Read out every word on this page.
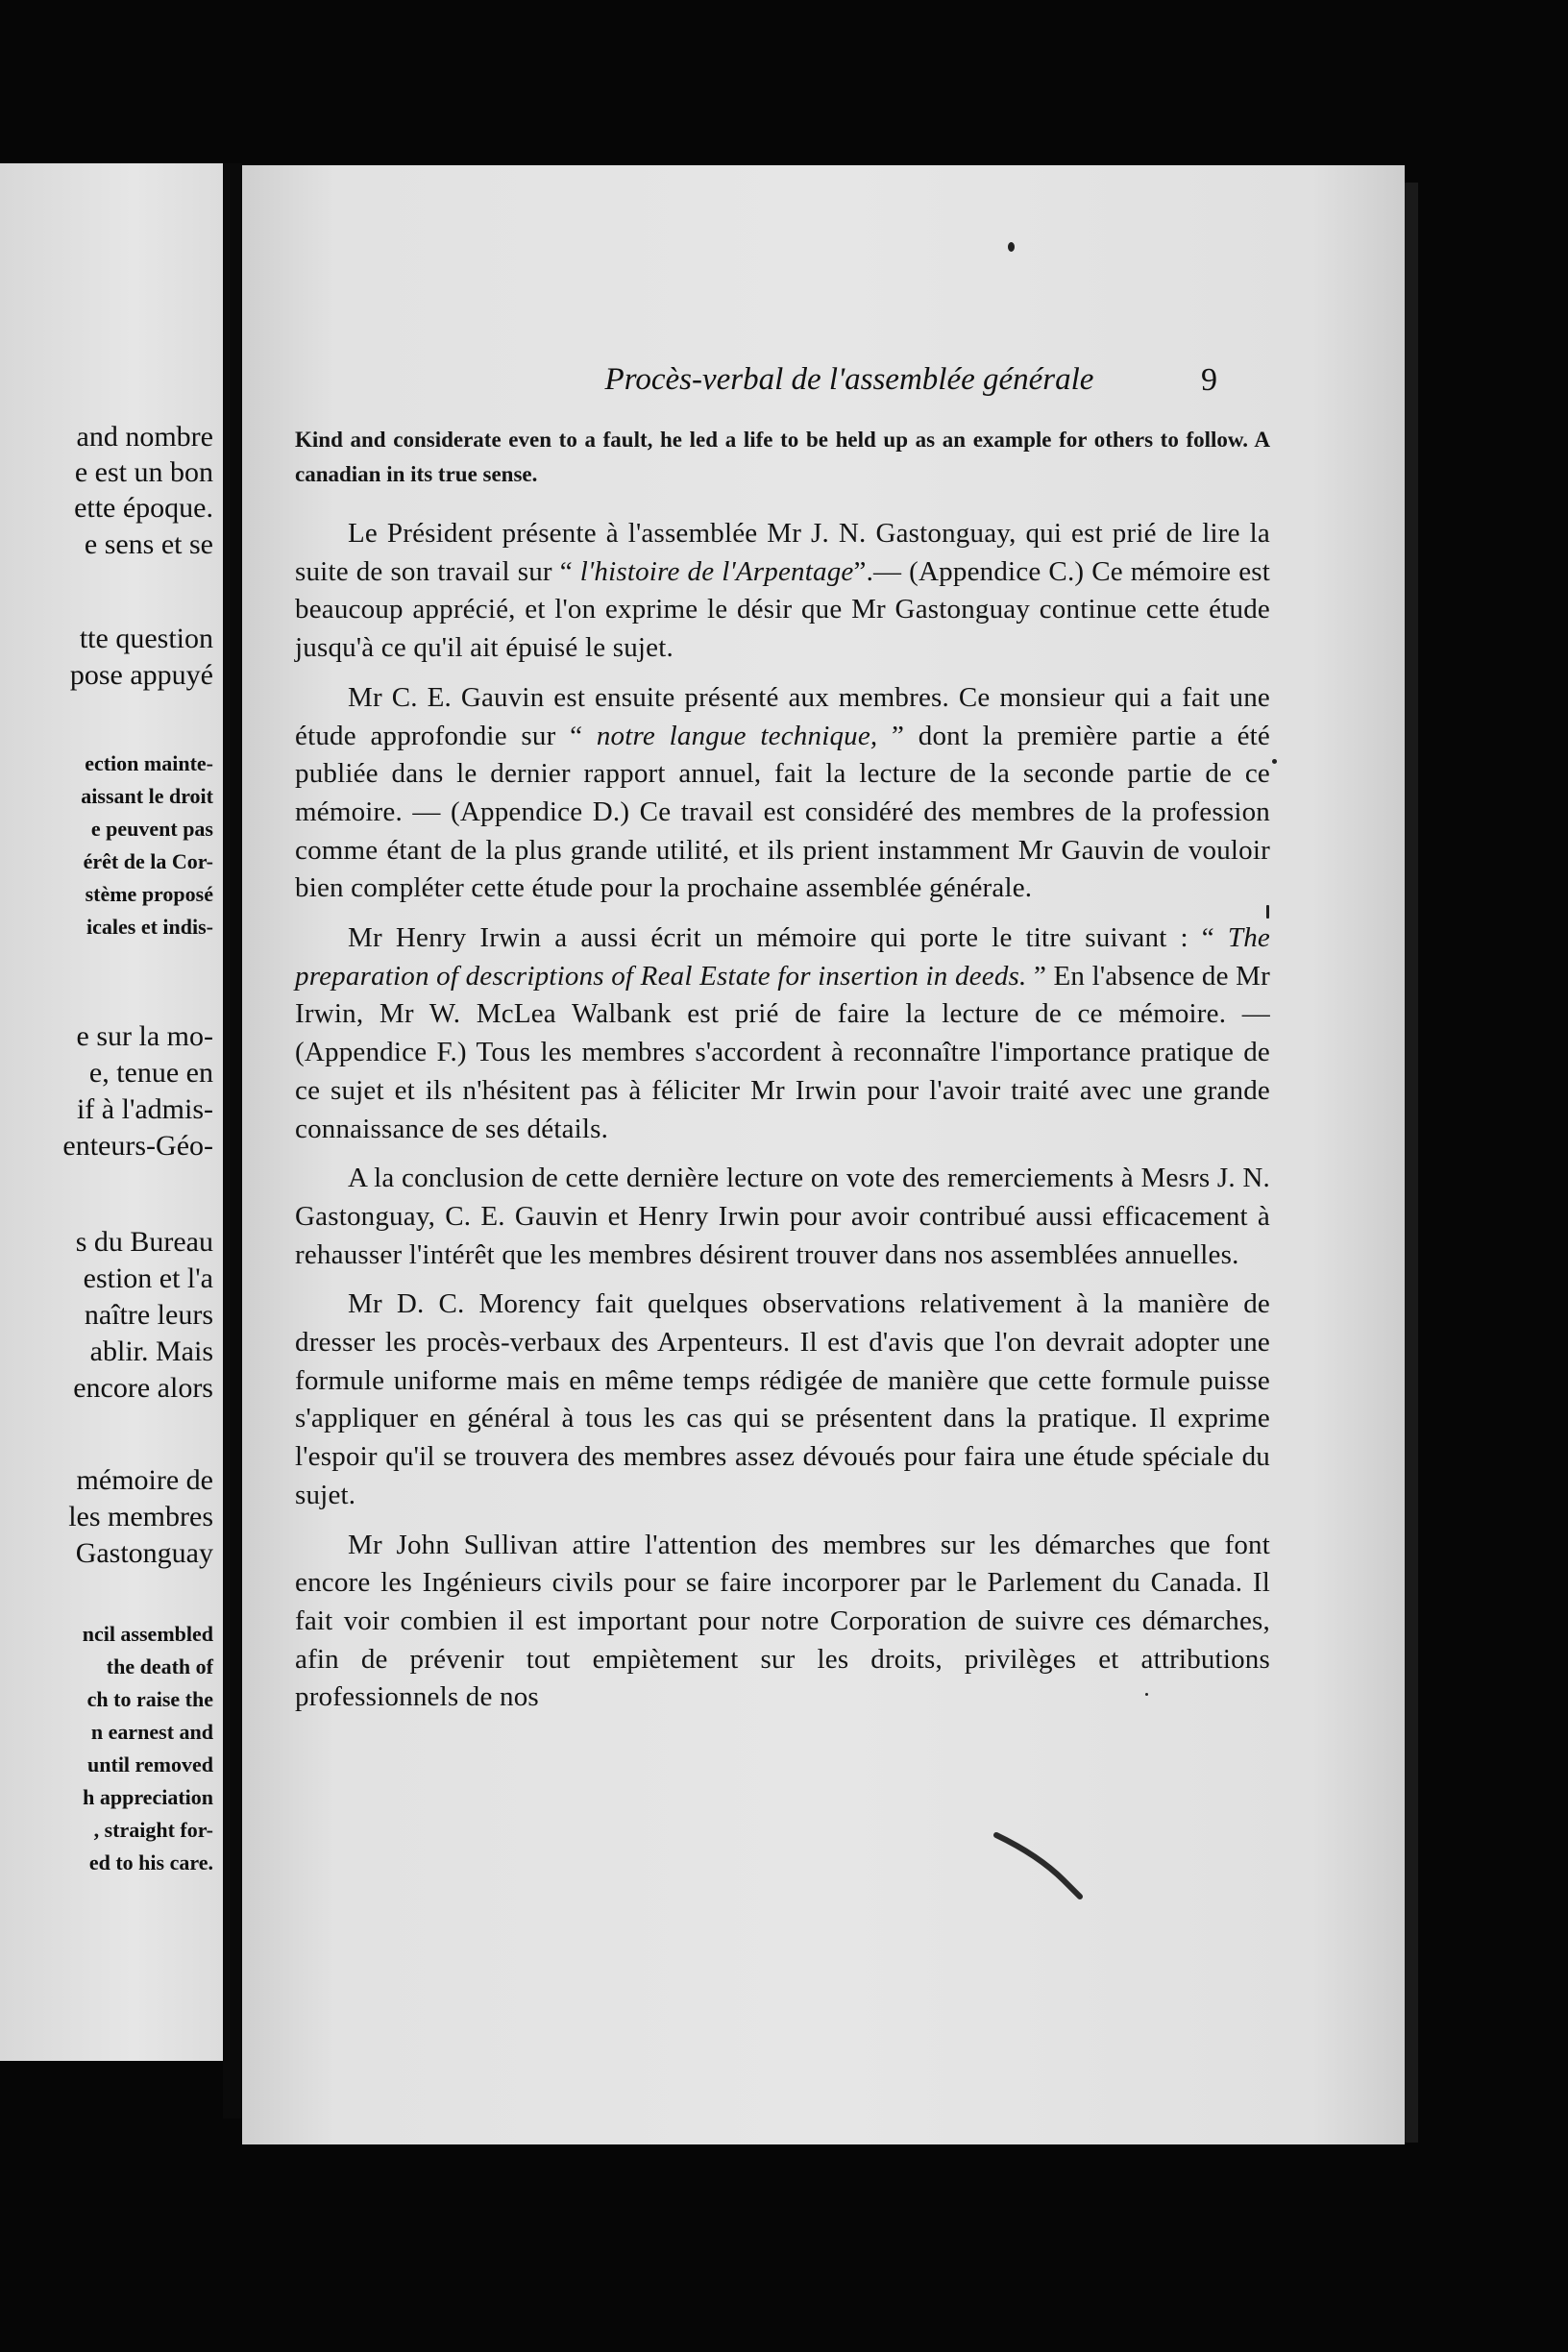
and nombre
e est un bon
ette époque.
e sens et se
tte question
pose appuyé
ection mainte-
aissant le droit
e peuvent pas
érêt de la Cor-
stème proposé
icales et indis-
e sur la mo-
e, tenue en
if à l'admis-
enteurs-Géo-
s du Bureau
estion et l'a
naître leurs
ablir. Mais
encore alors
mémoire de
les membres
Gastonguay
ncil assembled
the death of
ch to raise the
n earnest and
until removed
h appreciation
, straight for-
ed to his care.
Procès-verbal de l'assemblée générale	9

Kind and considerate even to a fault, he led a life to be held up as an example for others to follow. A canadian in its true sense.

Le Président présente à l'assemblée Mr J. N. Gastonguay, qui est prié de lire la suite de son travail sur “ l'histoire de l'Arpentage”.— (Appendice C.) Ce mémoire est beaucoup apprécié, et l'on exprime le désir que Mr Gastonguay continue cette étude jusqu'à ce qu'il ait épuisé le sujet.

Mr C. E. Gauvin est ensuite présenté aux membres. Ce monsieur qui a fait une étude approfondie sur “ notre langue technique, ” dont la première partie a été publiée dans le dernier rapport annuel, fait la lecture de la seconde partie de ce mémoire. — (Appendice D.) Ce travail est considéré des membres de la profession comme étant de la plus grande utilité, et ils prient instamment Mr Gauvin de vouloir bien compléter cette étude pour la prochaine assemblée générale.

Mr Henry Irwin a aussi écrit un mémoire qui porte le titre suivant : “ The preparation of descriptions of Real Estate for insertion in deeds. ” En l'absence de Mr Irwin, Mr W. McLea Walbank est prié de faire la lecture de ce mémoire. — (Appendice F.) Tous les membres s'accordent à reconnaître l'importance pratique de ce sujet et ils n'hésitent pas à féliciter Mr Irwin pour l'avoir traité avec une grande connaissance de ses détails.

A la conclusion de cette dernière lecture on vote des remerciements à Mesrs J. N. Gastonguay, C. E. Gauvin et Henry Irwin pour avoir contribué aussi efficacement à rehausser l'intérêt que les membres désirent trouver dans nos assemblées annuelles.

Mr D. C. Morency fait quelques observations relativement à la manière de dresser les procès-verbaux des Arpenteurs. Il est d'avis que l'on devrait adopter une formule uniforme mais en même temps rédigée de manière que cette formule puisse s'appliquer en général à tous les cas qui se présentent dans la pratique. Il exprime l'espoir qu'il se trouvera des membres assez dévoués pour faira une étude spéciale du sujet.

Mr John Sullivan attire l'attention des membres sur les démarches que font encore les Ingénieurs civils pour se faire incorporer par le Parlement du Canada. Il fait voir combien il est important pour notre Corporation de suivre ces démarches, afin de prévenir tout empiètement sur les droits, privilèges et attributions professionnels de nos
